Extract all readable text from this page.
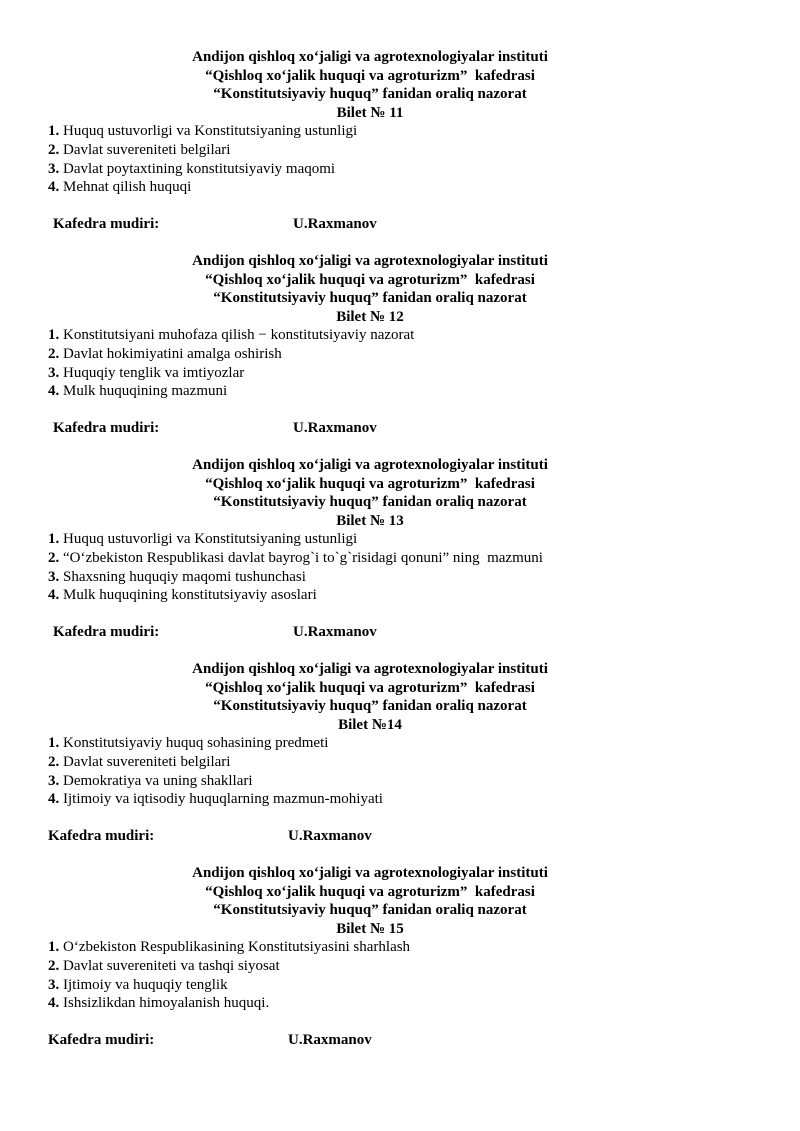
Andijon qishloq xo‘jaligi va agrotexnologiyalar instituti
“Qishloq xo‘jalik huquqi va agroturizm”  kafedrasi
“Konstitutsiyaviy huquq” fanidan oraliq nazorat
Bilet № 11
1. Huquq ustuvorligi va Konstitutsiyaning ustunligi
2. Davlat suvereniteti belgilari
3. Davlat poytaxtining konstitutsiyaviy maqomi
4. Mehnat qilish huquqi
Kafedra mudiri:	U.Raxmanov
Andijon qishloq xo‘jaligi va agrotexnologiyalar instituti
“Qishloq xo‘jalik huquqi va agroturizm”  kafedrasi
“Konstitutsiyaviy huquq” fanidan oraliq nazorat
Bilet № 12
1. Konstitutsiyani muhofaza qilish − konstitutsiyaviy nazorat
2. Davlat hokimiyatini amalga oshirish
3. Huquqiy tenglik va imtiyozlar
4. Mulk huquqining mazmuni
Kafedra mudiri:	U.Raxmanov
Andijon qishloq xo‘jaligi va agrotexnologiyalar instituti
“Qishloq xo‘jalik huquqi va agroturizm”  kafedrasi
“Konstitutsiyaviy huquq” fanidan oraliq nazorat
Bilet № 13
1. Huquq ustuvorligi va Konstitutsiyaning ustunligi
2. “O‘zbekiston Respublikasi davlat bayrog`i to`g`risidagi qonuni” ning  mazmuni
3. Shaxsning huquqiy maqomi tushunchasi
4. Mulk huquqining konstitutsiyaviy asoslari
Kafedra mudiri:	U.Raxmanov
Andijon qishloq xo‘jaligi va agrotexnologiyalar instituti
“Qishloq xo‘jalik huquqi va agroturizm”  kafedrasi
“Konstitutsiyaviy huquq” fanidan oraliq nazorat
Bilet №14
1. Konstitutsiyaviy huquq sohasining predmeti
2. Davlat suvereniteti belgilari
3. Demokratiya va uning shakllari
4. Ijtimoiy va iqtisodiy huquqlarning mazmun-mohiyati
Kafedra mudiri:	U.Raxmanov
Andijon qishloq xo‘jaligi va agrotexnologiyalar instituti
“Qishloq xo‘jalik huquqi va agroturizm”  kafedrasi
“Konstitutsiyaviy huquq” fanidan oraliq nazorat
Bilet № 15
1. O‘zbekiston Respublikasining Konstitutsiyasini sharhlash
2. Davlat suvereniteti va tashqi siyosat
3. Ijtimoiy va huquqiy tenglik
4. Ishsizlikdan himoyalanish huquqi.
Kafedra mudiri:	U.Raxmanov
